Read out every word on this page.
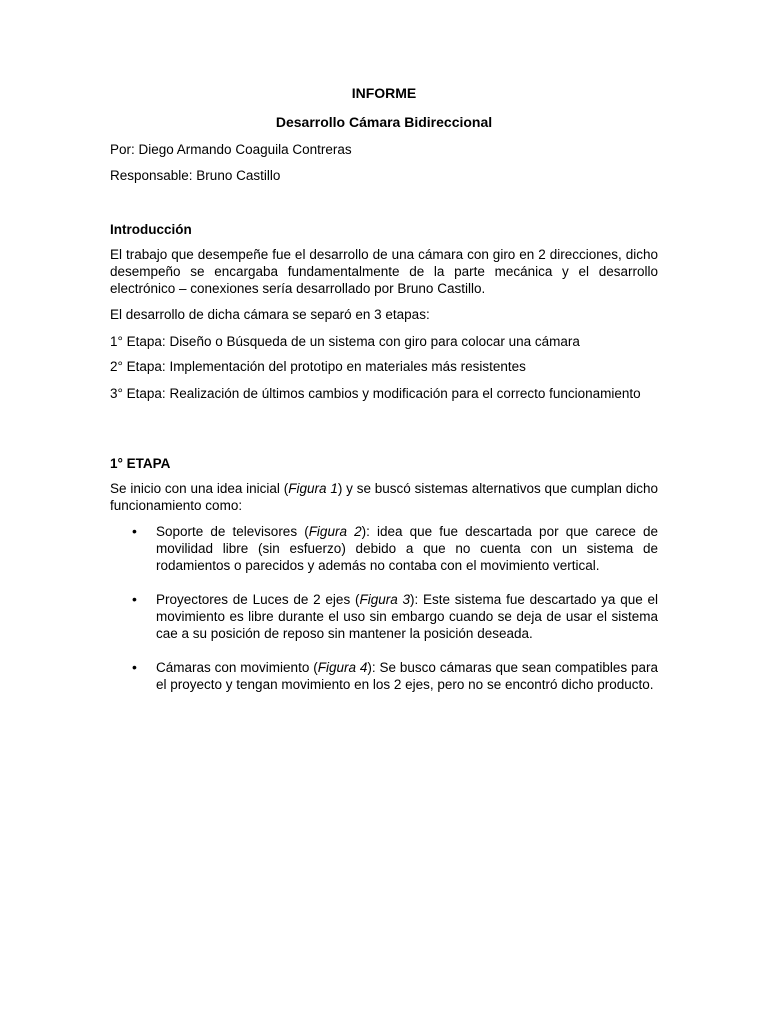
INFORME
Desarrollo Cámara Bidireccional
Por: Diego Armando Coaguila Contreras
Responsable: Bruno Castillo
Introducción
El trabajo que desempeñe fue el desarrollo de una cámara con giro en 2 direcciones, dicho desempeño se encargaba fundamentalmente de la parte mecánica y el desarrollo electrónico – conexiones sería desarrollado por Bruno Castillo.
El desarrollo de dicha cámara se separó en 3 etapas:
1° Etapa: Diseño o Búsqueda de un sistema con giro para colocar una cámara
2° Etapa: Implementación del prototipo en materiales más resistentes
3° Etapa: Realización de últimos cambios y modificación para el correcto funcionamiento
1° ETAPA
Se inicio con una idea inicial (Figura 1) y se buscó sistemas alternativos que cumplan dicho funcionamiento como:
• Soporte de televisores (Figura 2): idea que fue descartada por que carece de movilidad libre (sin esfuerzo) debido a que no cuenta con un sistema de rodamientos o parecidos y además no contaba con el movimiento vertical.
• Proyectores de Luces de 2 ejes (Figura 3): Este sistema fue descartado ya que el movimiento es libre durante el uso sin embargo cuando se deja de usar el sistema cae a su posición de reposo sin mantener la posición deseada.
• Cámaras con movimiento (Figura 4): Se busco cámaras que sean compatibles para el proyecto y tengan movimiento en los 2 ejes, pero no se encontró dicho producto.
